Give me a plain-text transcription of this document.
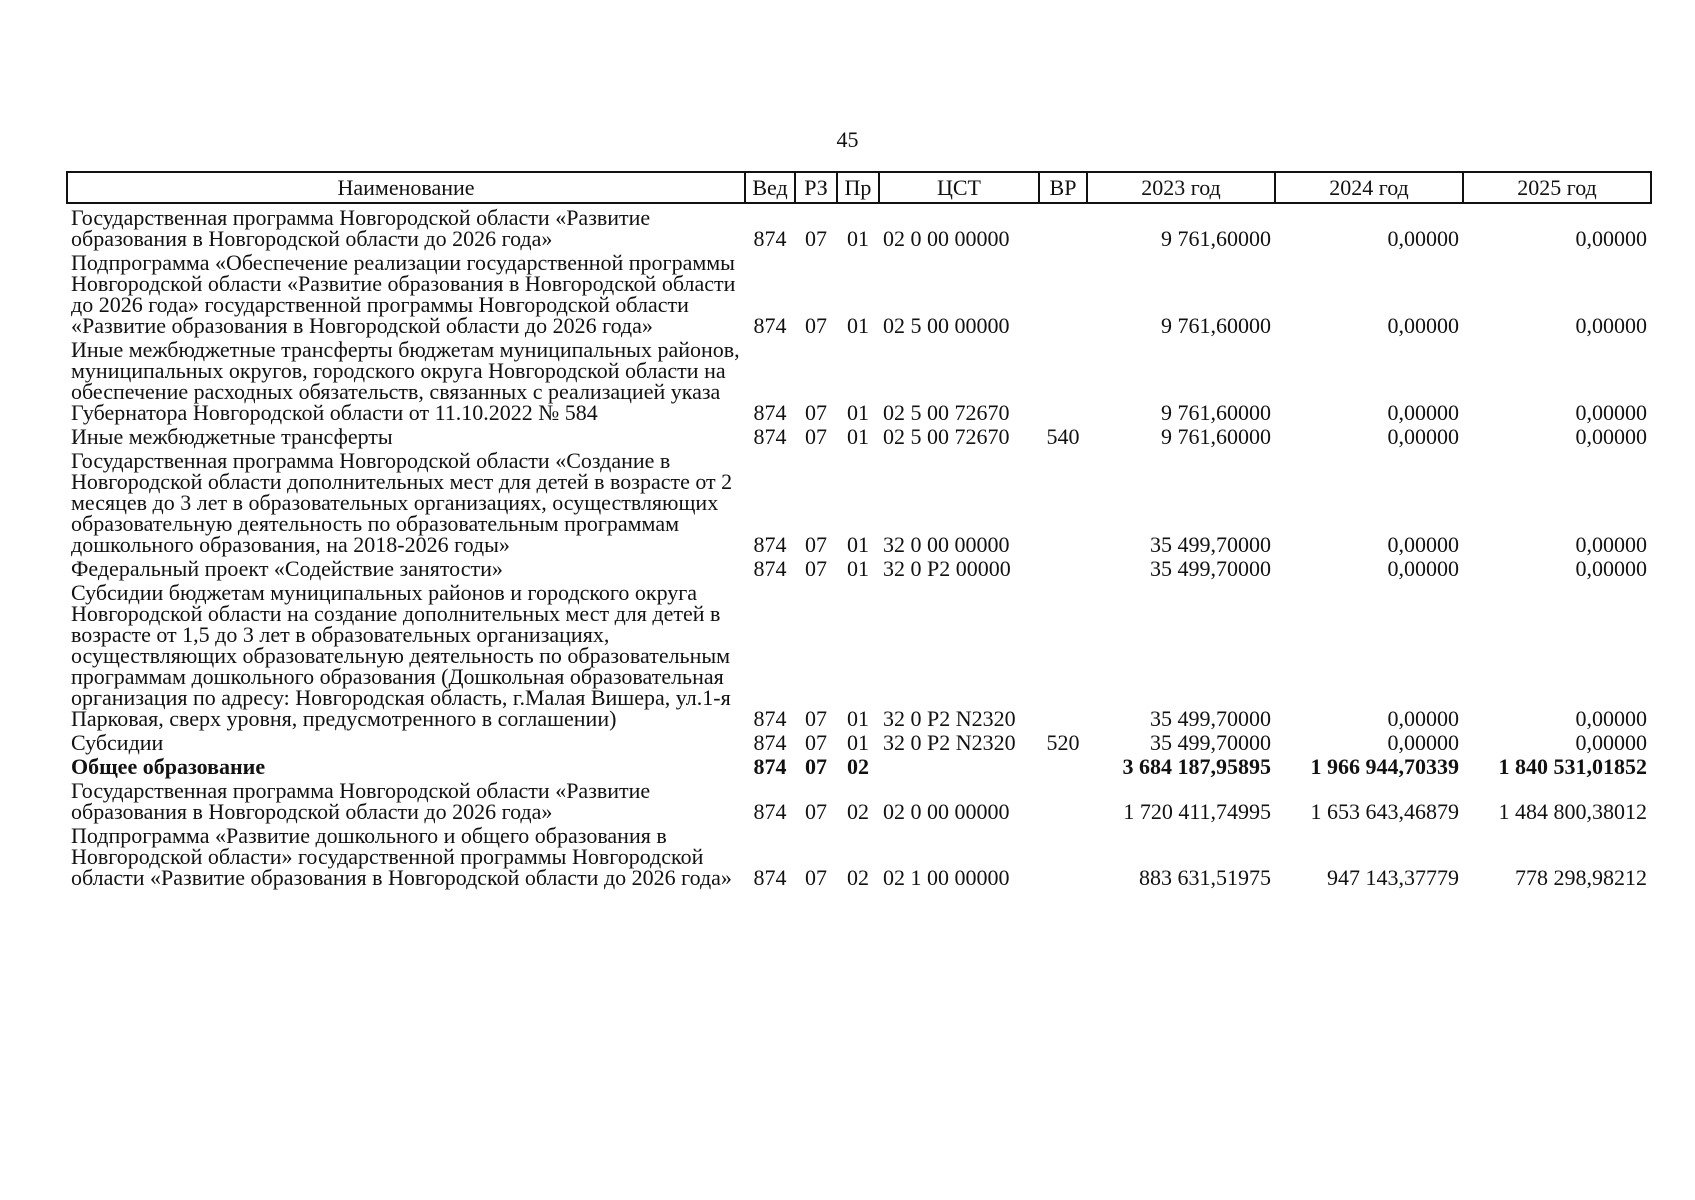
45
Наименование	Вед	РЗ	Пр	ЦСТ	ВР	2023 год	2024 год	2025 год
Государственная программа Новгородской области «Развитие образования в Новгородской области до 2026 года»	874	07	01	02 0 00 00000		9 761,60000	0,00000	0,00000
Подпрограмма «Обеспечение реализации государственной программы Новгородской области «Развитие образования в Новгородской области до 2026 года» государственной программы Новгородской области «Развитие образования в Новгородской области до 2026 года»	874	07	01	02 5 00 00000		9 761,60000	0,00000	0,00000
Иные межбюджетные трансферты бюджетам муниципальных районов, муниципальных округов, городского округа Новгородской области на обеспечение расходных обязательств, связанных с реализацией указа Губернатора Новгородской области от 11.10.2022 № 584	874	07	01	02 5 00 72670		9 761,60000	0,00000	0,00000
Иные межбюджетные трансферты	874	07	01	02 5 00 72670	540	9 761,60000	0,00000	0,00000
Государственная программа Новгородской области «Создание в Новгородской области дополнительных мест для детей в возрасте от 2 месяцев до 3 лет в образовательных организациях, осуществляющих образовательную деятельность по образовательным программам дошкольного образования, на 2018-2026 годы»	874	07	01	32 0 00 00000		35 499,70000	0,00000	0,00000
Федеральный проект «Содействие занятости»	874	07	01	32 0 P2 00000		35 499,70000	0,00000	0,00000
Субсидии бюджетам муниципальных районов и городского округа Новгородской области на создание дополнительных мест для детей в возрасте от 1,5 до 3 лет в образовательных организациях, осуществляющих образовательную деятельность по образовательным программам дошкольного образования (Дошкольная образовательная организация по адресу: Новгородская область, г.Малая Вишера, ул.1-я Парковая, сверх уровня, предусмотренного в соглашении)	874	07	01	32 0 P2 N2320		35 499,70000	0,00000	0,00000
Субсидии	874	07	01	32 0 P2 N2320	520	35 499,70000	0,00000	0,00000
Общее образование	874	07	02			3 684 187,95895	1 966 944,70339	1 840 531,01852
Государственная программа Новгородской области «Развитие образования в Новгородской области до 2026 года»	874	07	02	02 0 00 00000		1 720 411,74995	1 653 643,46879	1 484 800,38012
Подпрограмма «Развитие дошкольного и общего образования в Новгородской области» государственной программы Новгородской области «Развитие образования в Новгородской области до 2026 года»	874	07	02	02 1 00 00000		883 631,51975	947 143,37779	778 298,98212
